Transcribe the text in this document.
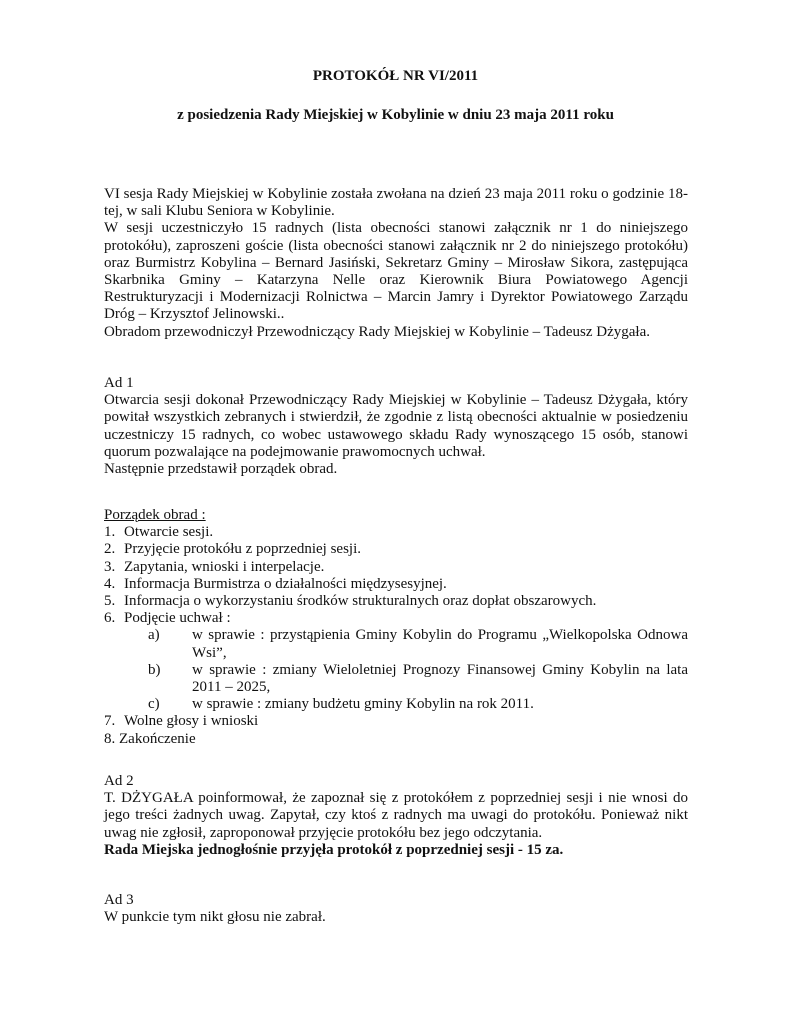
PROTOKÓŁ NR VI/2011
z posiedzenia Rady Miejskiej w Kobylinie w dniu 23 maja 2011 roku

VI sesja Rady Miejskiej w Kobylinie została zwołana na dzień 23 maja 2011 roku o godzinie 18-tej, w sali Klubu Seniora w Kobylinie.

W sesji uczestniczyło 15 radnych (lista obecności stanowi załącznik nr 1 do niniejszego protokółu), zaproszeni goście (lista obecności stanowi załącznik nr 2 do niniejszego protokółu) oraz Burmistrz Kobylina – Bernard Jasiński, Sekretarz Gminy – Mirosław Sikora, zastępująca Skarbnika Gminy – Katarzyna Nelle oraz Kierownik Biura Powiatowego Agencji Restrukturyzacji i Modernizacji Rolnictwa – Marcin Jamry i Dyrektor Powiatowego Zarządu Dróg – Krzysztof Jelinowski..

Obradom przewodniczył Przewodniczący Rady Miejskiej w Kobylinie – Tadeusz Dżygała.

Ad 1

Otwarcia sesji dokonał Przewodniczący Rady Miejskiej w Kobylinie – Tadeusz Dżygała, który powitał wszystkich zebranych i stwierdził, że zgodnie z listą obecności aktualnie w posiedzeniu uczestniczy 15 radnych, co wobec ustawowego składu Rady wynoszącego 15 osób, stanowi quorum pozwalające na podejmowanie prawomocnych uchwał.

Następnie przedstawił porządek obrad.

Porządek obrad :

1. Otwarcie sesji.
2. Przyjęcie protokółu z poprzedniej sesji.
3. Zapytania, wnioski i interpelacje.
4. Informacja Burmistrza o działalności międzysesyjnej.
5. Informacja o wykorzystaniu środków strukturalnych oraz dopłat obszarowych.
6. Podjęcie uchwał :
a) w sprawie : przystąpienia Gminy Kobylin do Programu „Wielkopolska Odnowa Wsi”,
b) w sprawie : zmiany Wieloletniej Prognozy Finansowej Gminy Kobylin na lata 2011 – 2025,
c) w sprawie : zmiany budżetu gminy Kobylin na rok 2011.
7. Wolne głosy i wnioski

8. Zakończenie

Ad 2

T. DŻYGAŁA poinformował, że zapoznał się z protokółem z poprzedniej sesji i nie wnosi do jego treści żadnych uwag. Zapytał, czy ktoś z radnych ma uwagi do protokółu. Ponieważ nikt uwag nie zgłosił, zaproponował przyjęcie protokółu bez jego odczytania.

Rada Miejska jednogłośnie przyjęła protokół z poprzedniej sesji - 15 za.

Ad 3

W punkcie tym nikt głosu nie zabrał.
